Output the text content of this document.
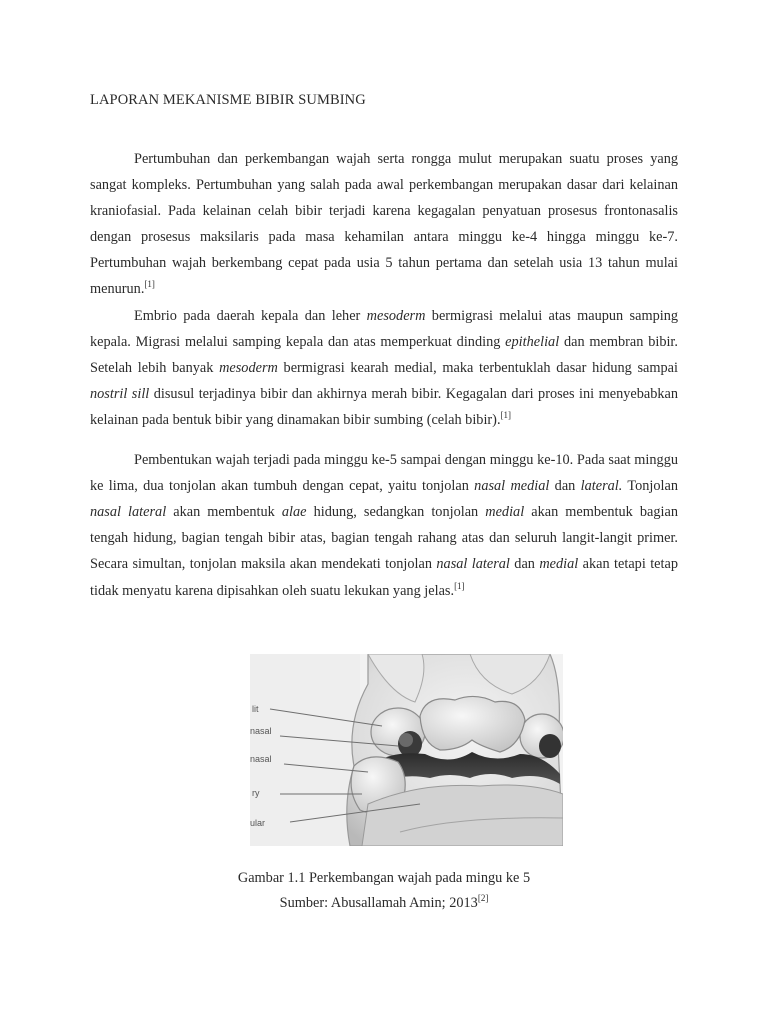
LAPORAN MEKANISME BIBIR SUMBING

Pertumbuhan dan perkembangan wajah serta rongga mulut merupakan suatu proses yang sangat kompleks. Pertumbuhan yang salah pada awal perkembangan merupakan dasar dari kelainan kraniofasial. Pada kelainan celah bibir terjadi karena kegagalan penyatuan prosesus frontonasalis dengan prosesus maksilaris pada masa kehamilan antara minggu ke-4 hingga minggu ke-7. Pertumbuhan wajah berkembang cepat pada usia 5 tahun pertama dan setelah usia 13 tahun mulai menurun.[1]

Embrio pada daerah kepala dan leher mesoderm bermigrasi melalui atas maupun samping kepala. Migrasi melalui samping kepala dan atas memperkuat dinding epithelial dan membran bibir. Setelah lebih banyak mesoderm bermigrasi kearah medial, maka terbentuklah dasar hidung sampai nostril sill disusul terjadinya bibir dan akhirnya merah bibir. Kegagalan dari proses ini menyebabkan kelainan pada bentuk bibir yang dinamakan bibir sumbing (celah bibir).[1]

Pembentukan wajah terjadi pada minggu ke-5 sampai dengan minggu ke-10. Pada saat minggu ke lima, dua tonjolan akan tumbuh dengan cepat, yaitu tonjolan nasal medial dan lateral. Tonjolan nasal lateral akan membentuk alae hidung, sedangkan tonjolan medial akan membentuk bagian tengah hidung, bagian tengah bibir atas, bagian tengah rahang atas dan seluruh langit-langit primer. Secara simultan, tonjolan maksila akan mendekati tonjolan nasal lateral dan medial akan tetapi tetap tidak menyatu karena dipisahkan oleh suatu lekukan yang jelas.[1]

lit
nasal
nasal
ry
ular
Gambar 1.1 Perkembangan wajah pada mingu ke 5
Sumber: Abusallamah Amin; 2013[2]
